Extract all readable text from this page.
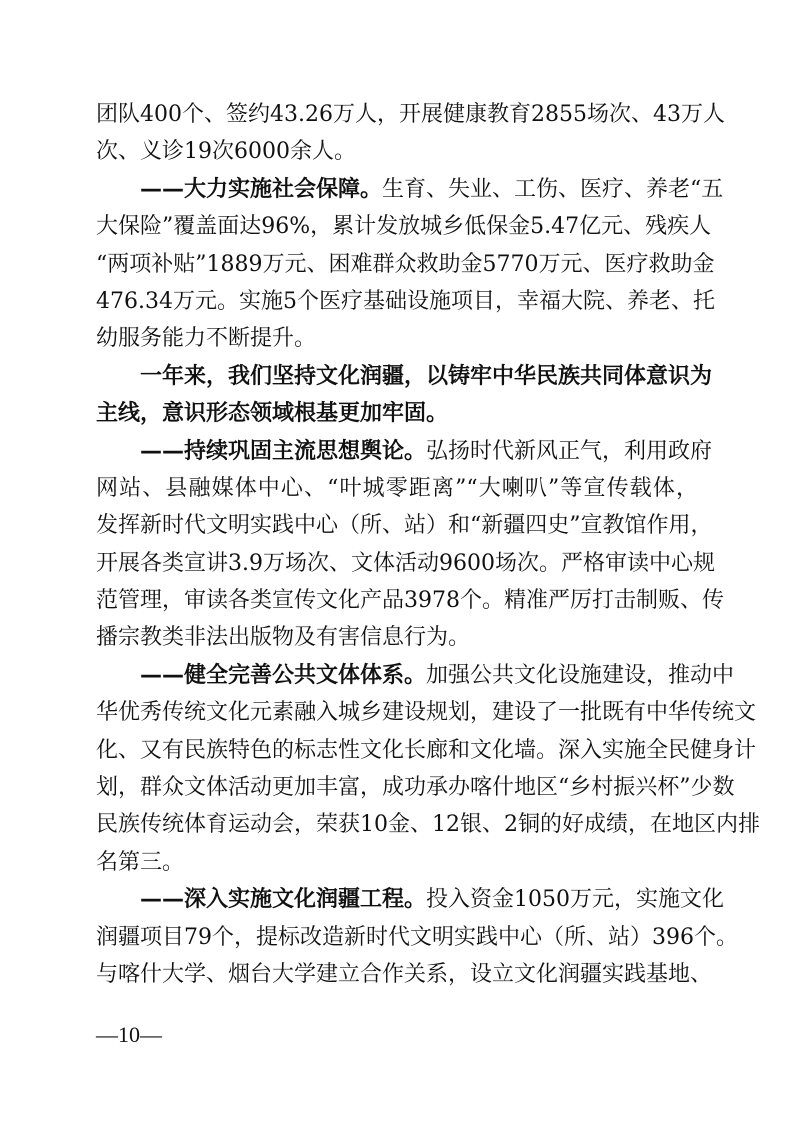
团队400个、签约43.26万人，开展健康教育2855场次、43万人
次、义诊19次6000余人。
——大力实施社会保障。生育、失业、工伤、医疗、养老“五
大保险”覆盖面达96%，累计发放城乡低保金5.47亿元、残疾人
“两项补贴”1889万元、困难群众救助金5770万元、医疗救助金
476.34万元。实施5个医疗基础设施项目，幸福大院、养老、托
幼服务能力不断提升。
一年来，我们坚持文化润疆，以铸牢中华民族共同体意识为
主线，意识形态领域根基更加牢固。
——持续巩固主流思想舆论。弘扬时代新风正气，利用政府
网站、县融媒体中心、“叶城零距离”“大喇叭”等宣传载体，
发挥新时代文明实践中心（所、站）和“新疆四史”宣教馆作用，
开展各类宣讲3.9万场次、文体活动9600场次。严格审读中心规
范管理，审读各类宣传文化产品3978个。精准严厉打击制贩、传
播宗教类非法出版物及有害信息行为。
——健全完善公共文体体系。加强公共文化设施建设，推动中
华优秀传统文化元素融入城乡建设规划，建设了一批既有中华传统文
化、又有民族特色的标志性文化长廊和文化墙。深入实施全民健身计
划，群众文体活动更加丰富，成功承办喀什地区“乡村振兴杯”少数
民族传统体育运动会，荣获10金、12银、2铜的好成绩，在地区内排
名第三。
——深入实施文化润疆工程。投入资金1050万元，实施文化
润疆项目79个，提标改造新时代文明实践中心（所、站）396个。
与喀什大学、烟台大学建立合作关系，设立文化润疆实践基地、
—10—
